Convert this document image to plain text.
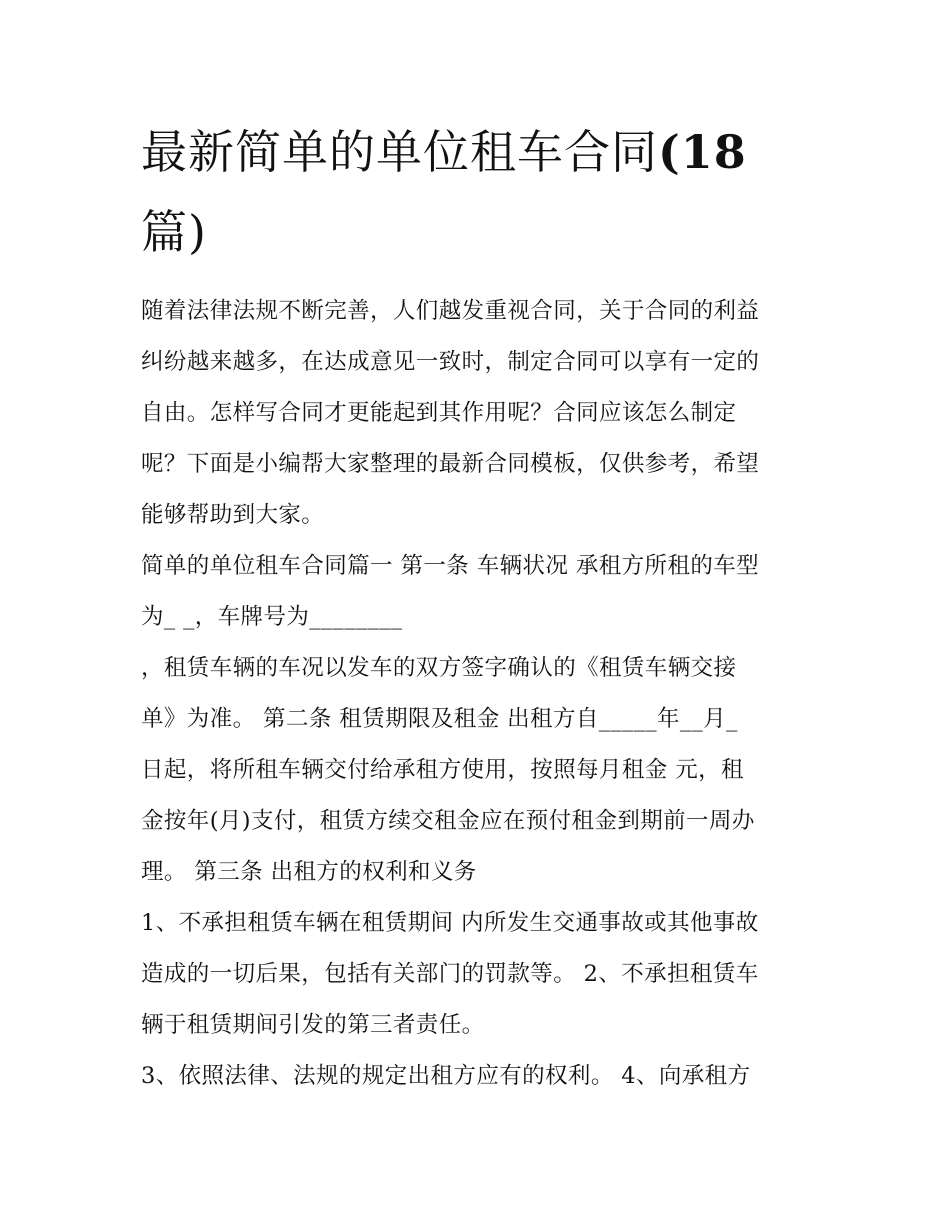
最新简单的单位租车合同(18
篇)

随着法律法规不断完善，人们越发重视合同，关于合同的利益
纠纷越来越多，在达成意见一致时，制定合同可以享有一定的
自由。怎样写合同才更能起到其作用呢？合同应该怎么制定
呢？下面是小编帮大家整理的最新合同模板，仅供参考，希望
能够帮助到大家。

简单的单位租车合同篇一 第一条 车辆状况 承租方所租的车型
为_ _，车牌号为________

，租赁车辆的车况以发车的双方签字确认的《租赁车辆交接
单》为准。 第二条 租赁期限及租金 出租方自_____年__月_
日起，将所租车辆交付给承租方使用，按照每月租金 元，租
金按年(月)支付，租赁方续交租金应在预付租金到期前一周办
理。 第三条 出租方的权利和义务

1、不承担租赁车辆在租赁期间 内所发生交通事故或其他事故
造成的一切后果，包括有关部门的罚款等。 2、不承担租赁车
辆于租赁期间引发的第三者责任。

3、依照法律、法规的规定出租方应有的权利。 4、向承租方
